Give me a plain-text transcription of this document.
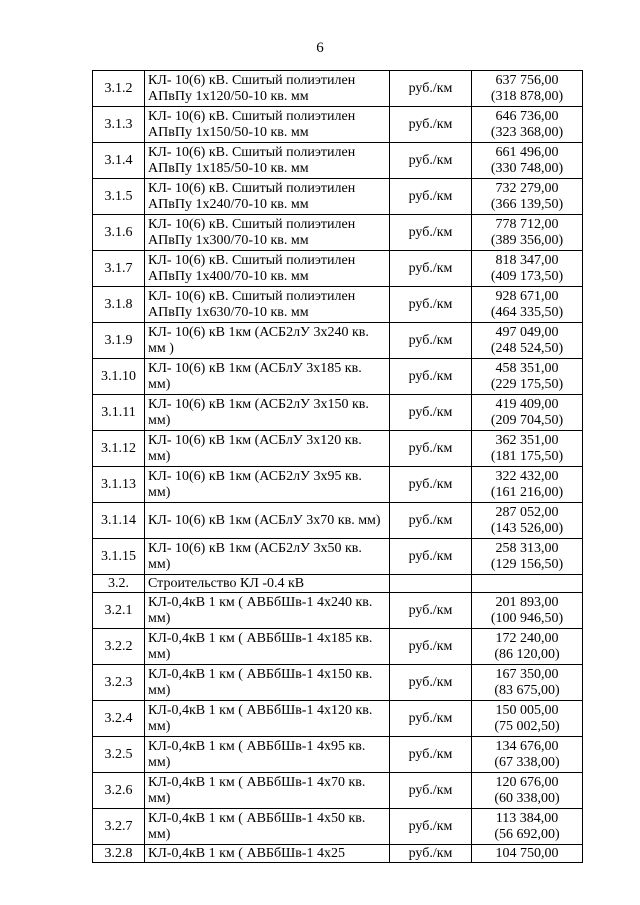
6
3.1.2	КЛ- 10(6) кВ. Сшитый полиэтилен АПвПу 1х120/50-10 кв. мм	руб./км	637 756,00
(318 878,00)

3.1.3	КЛ- 10(6) кВ. Сшитый полиэтилен АПвПу 1х150/50-10 кв. мм	руб./км	646 736,00
(323 368,00)

3.1.4	КЛ- 10(6) кВ. Сшитый полиэтилен АПвПу 1х185/50-10 кв. мм	руб./км	661 496,00
(330 748,00)

3.1.5	КЛ- 10(6) кВ. Сшитый полиэтилен АПвПу 1х240/70-10 кв. мм	руб./км	732 279,00
(366 139,50)

3.1.6	КЛ- 10(6) кВ. Сшитый полиэтилен АПвПу 1х300/70-10 кв. мм	руб./км	778 712,00
(389 356,00)

3.1.7	КЛ- 10(6) кВ. Сшитый полиэтилен АПвПу 1х400/70-10 кв. мм	руб./км	818 347,00
(409 173,50)

3.1.8	КЛ- 10(6) кВ. Сшитый полиэтилен АПвПу 1х630/70-10 кв. мм	руб./км	928 671,00
(464 335,50)

3.1.9	КЛ- 10(6) кВ 1км (АСБ2лУ 3х240 кв. мм )	руб./км	497 049,00
(248 524,50)

3.1.10	КЛ- 10(6) кВ 1км (АСБлУ 3х185 кв. мм)	руб./км	458 351,00
(229 175,50)

3.1.11	КЛ- 10(6) кВ 1км (АСБ2лУ 3х150 кв. мм)	руб./км	419 409,00
(209 704,50)

3.1.12	КЛ- 10(6) кВ 1км (АСБлУ 3х120 кв. мм)	руб./км	362 351,00
(181 175,50)

3.1.13	КЛ- 10(6) кВ 1км (АСБ2лУ 3х95 кв. мм)	руб./км	322 432,00
(161 216,00)

3.1.14	КЛ- 10(6) кВ 1км (АСБлУ 3х70 кв. мм)	руб./км	287 052,00
(143 526,00)

3.1.15	КЛ- 10(6) кВ 1км (АСБ2лУ 3х50 кв. мм)	руб./км	258 313,00
(129 156,50)

3.2.	Строительство КЛ -0.4 кВ		

3.2.1	КЛ-0,4кВ 1 км ( АВБбШв-1 4х240 кв. мм)	руб./км	201 893,00
(100 946,50)

3.2.2	КЛ-0,4кВ 1 км ( АВБбШв-1 4х185 кв. мм)	руб./км	172 240,00
(86 120,00)

3.2.3	КЛ-0,4кВ 1 км ( АВБбШв-1 4х150 кв. мм)	руб./км	167 350,00
(83 675,00)

3.2.4	КЛ-0,4кВ 1 км ( АВБбШв-1 4х120 кв. мм)	руб./км	150 005,00
(75 002,50)

3.2.5	КЛ-0,4кВ 1 км ( АВБбШв-1 4х95 кв. мм)	руб./км	134 676,00
(67 338,00)

3.2.6	КЛ-0,4кВ 1 км ( АВБбШв-1 4х70 кв. мм)	руб./км	120 676,00
(60 338,00)

3.2.7	КЛ-0,4кВ 1 км ( АВБбШв-1 4х50 кв. мм)	руб./км	113 384,00
(56 692,00)

3.2.8	КЛ-0,4кВ 1 км ( АВБбШв-1 4х25	руб./км	104 750,00
